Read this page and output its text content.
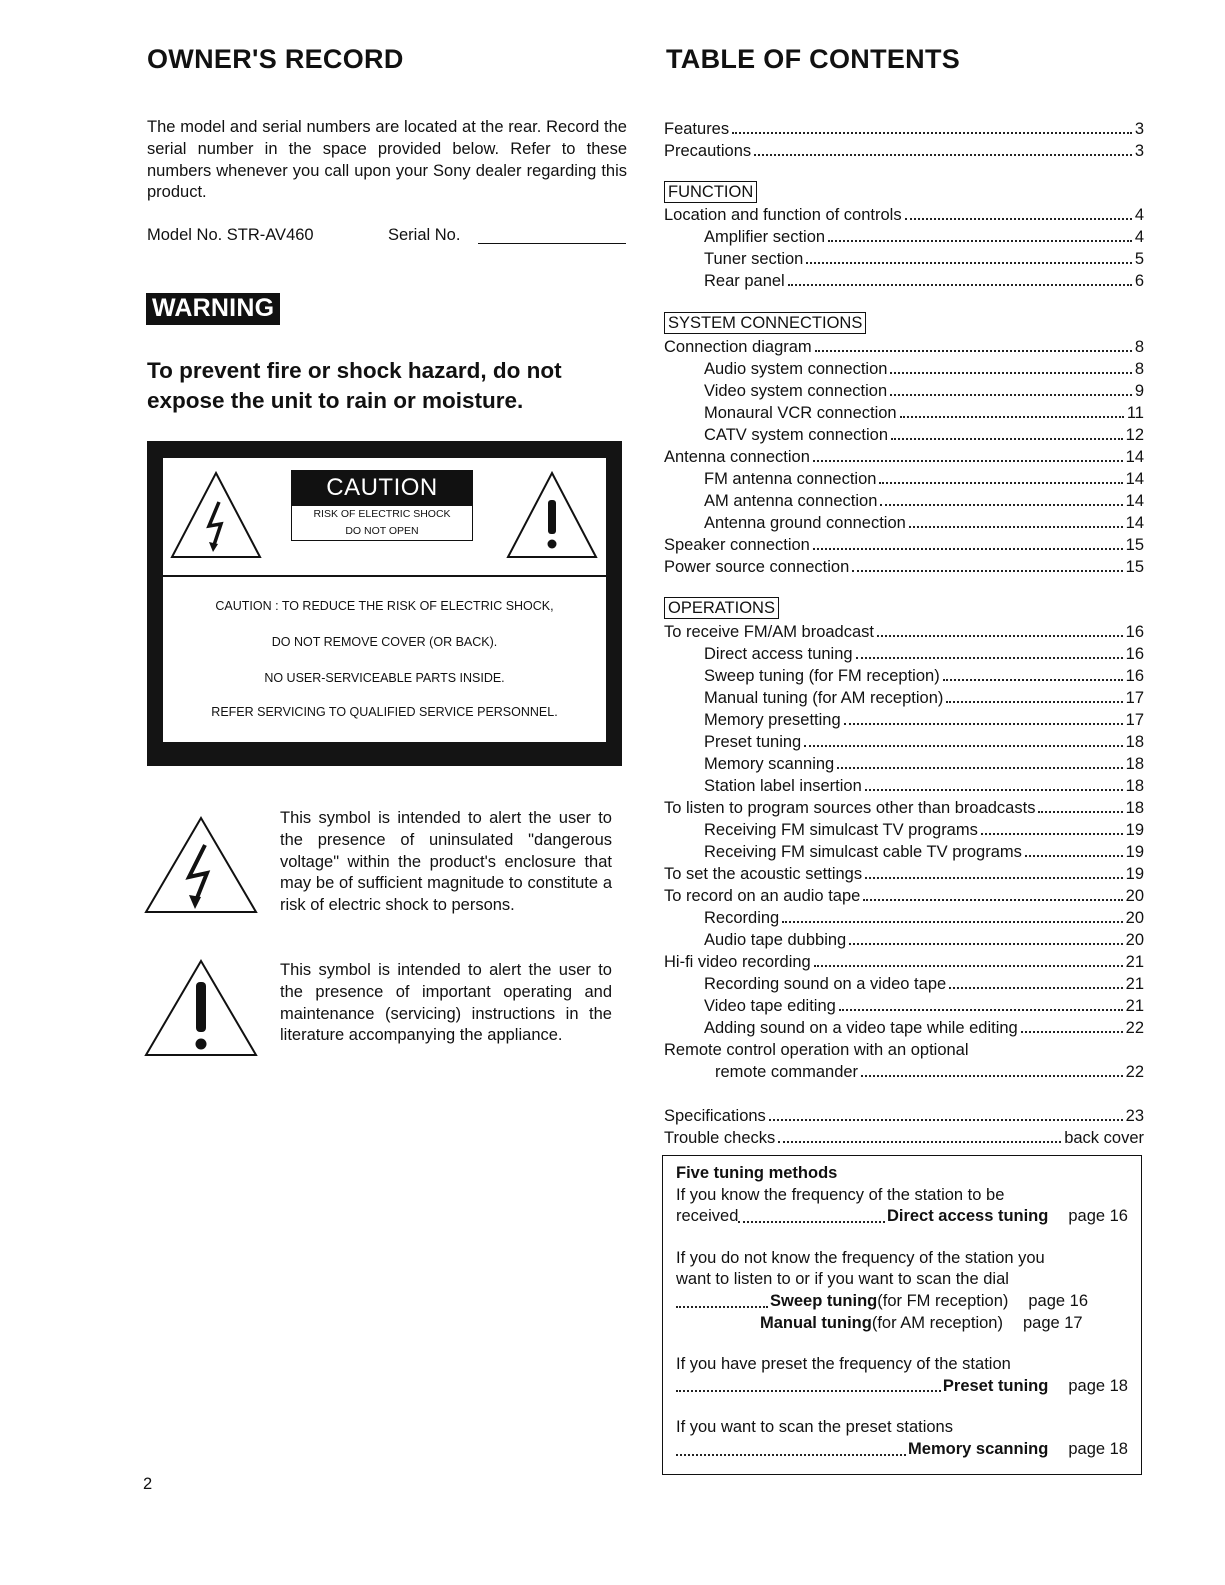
OWNER'S RECORD
The model and serial numbers are located at the rear. Record the serial number in the space provided below. Refer to these numbers whenever you call upon your Sony dealer regarding this product.
Model No. STR-AV460	Serial No.
WARNING
To prevent fire or shock hazard, do not expose the unit to rain or moisture.
CAUTION
RISK OF ELECTRIC SHOCK
DO NOT OPEN

CAUTION : TO REDUCE THE RISK OF ELECTRIC SHOCK,

DO NOT REMOVE COVER (OR BACK).

NO USER-SERVICEABLE PARTS INSIDE.

REFER SERVICING TO QUALIFIED SERVICE PERSONNEL.

This symbol is intended to alert the user to the presence of uninsulated "dangerous voltage" within the product's enclosure that may be of sufficient magnitude to constitute a risk of electric shock to persons.
This symbol is intended to alert the user to the presence of important operating and maintenance (servicing) instructions in the literature accompanying the appliance.
2
TABLE OF CONTENTS
Features	3
Precautions	3
FUNCTION
Location and function of controls	4
Amplifier section	4
Tuner section	5
Rear panel	6
SYSTEM CONNECTIONS
Connection diagram	8
Audio system connection	8
Video system connection	9
Monaural VCR connection	11
CATV system connection	12
Antenna connection	14
FM antenna connection	14
AM antenna connection	14
Antenna ground connection	14
Speaker connection	15
Power source connection	15
OPERATIONS
To receive FM/AM broadcast	16
Direct access tuning	16
Sweep tuning (for FM reception)	16
Manual tuning (for AM reception)	17
Memory presetting	17
Preset tuning	18
Memory scanning	18
Station label insertion	18
To listen to program sources other than broadcasts	18
Receiving FM simulcast TV programs	19
Receiving FM simulcast cable TV programs	19
To set the acoustic settings	19
To record on an audio tape	20
Recording	20
Audio tape dubbing	20
Hi-fi video recording	21
Recording sound on a video tape	21
Video tape editing	21
Adding sound on a video tape while editing	22
Remote control operation with an optional
remote commander	22
Specifications	23
Trouble checks	back cover
Five tuning methods
If you know the frequency of the station to be
received	Direct access tuning page 16
If you do not know the frequency of the station you
want to listen to or if you want to scan the dial
Sweep tuning (for FM reception) page 16
Manual tuning (for AM reception) page 17
If you have preset the frequency of the station
Preset tuning page 18
If you want to scan the preset stations
Memory scanning page 18
